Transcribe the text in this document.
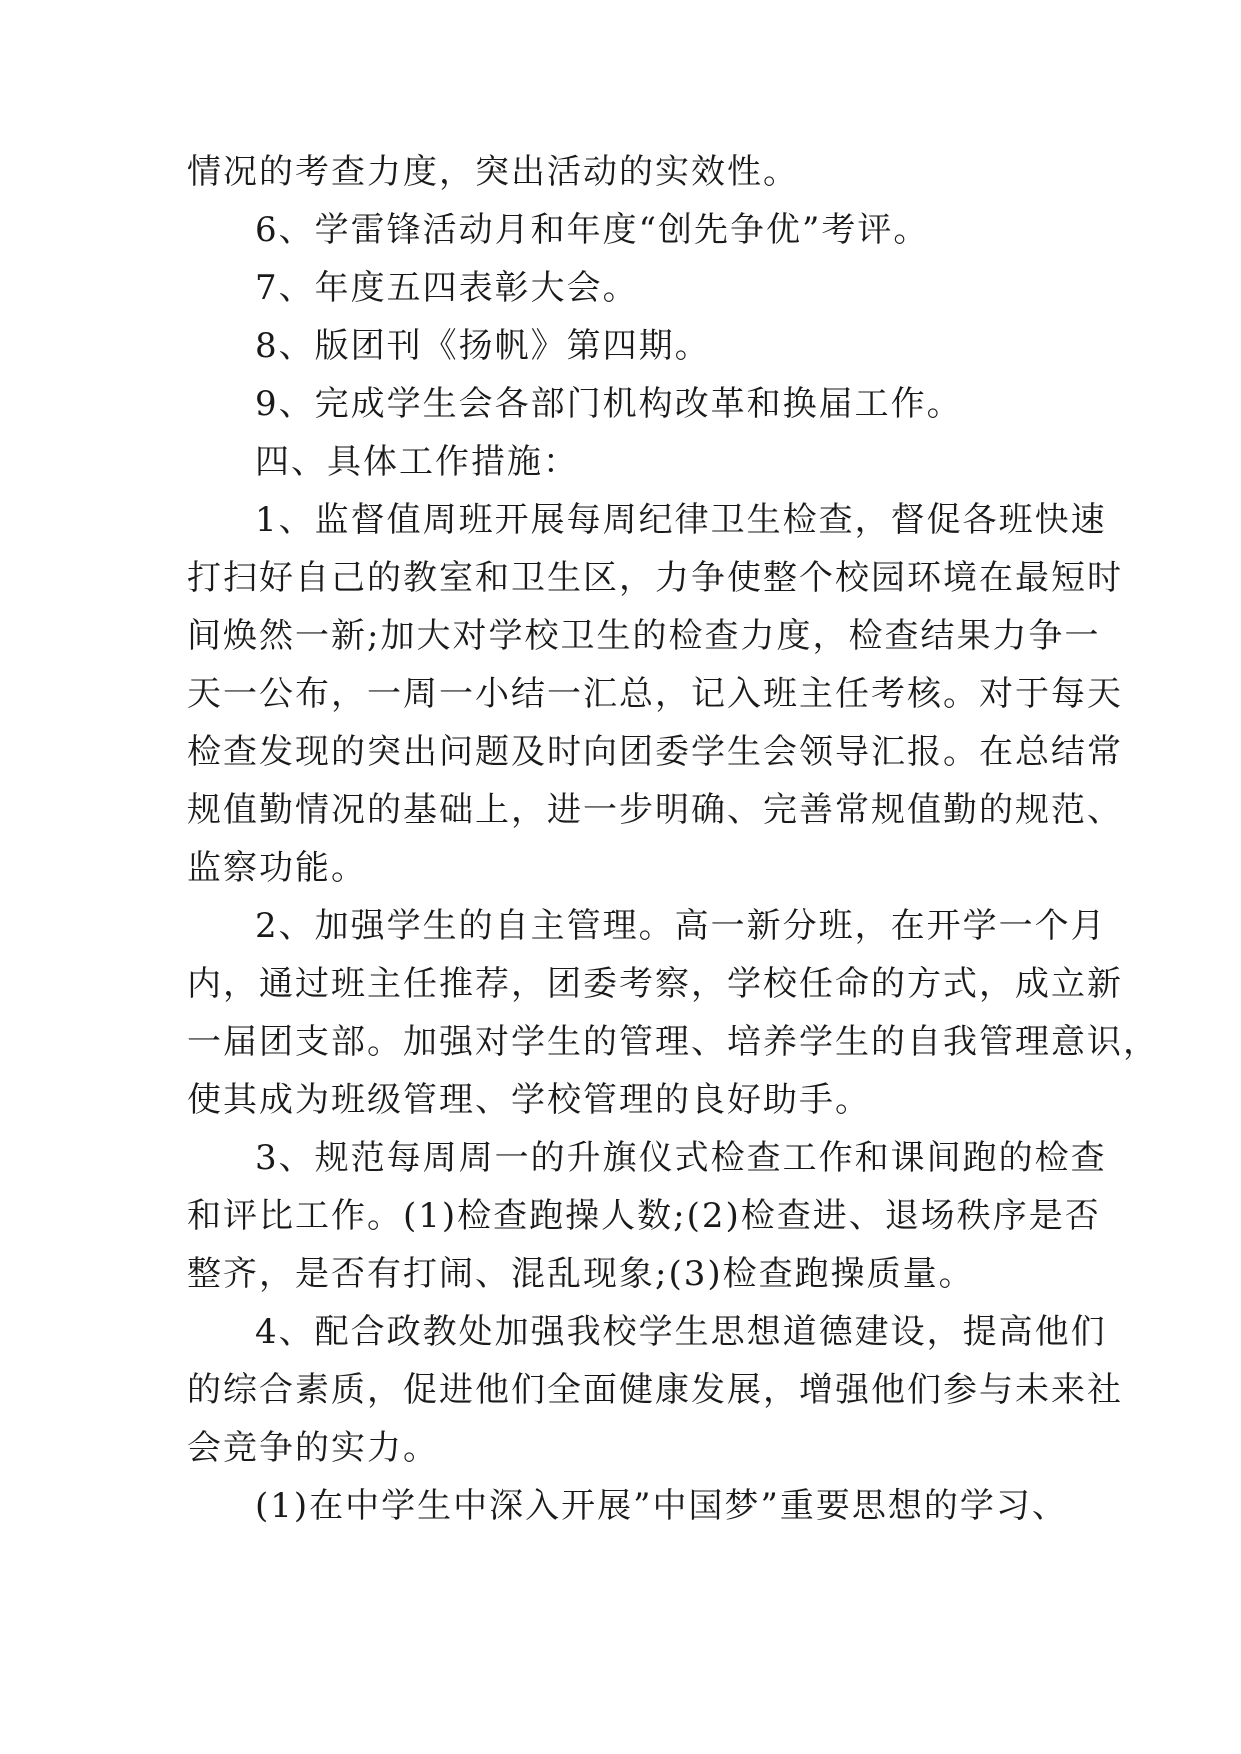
情况的考查力度，突出活动的实效性。
6、学雷锋活动月和年度“创先争优”考评。
7、年度五四表彰大会。
8、版团刊《扬帆》第四期。
9、完成学生会各部门机构改革和换届工作。
四、具体工作措施：
1、监督值周班开展每周纪律卫生检查，督促各班快速
打扫好自己的教室和卫生区，力争使整个校园环境在最短时
间焕然一新;加大对学校卫生的检查力度，检查结果力争一
天一公布，一周一小结一汇总，记入班主任考核。对于每天
检查发现的突出问题及时向团委学生会领导汇报。在总结常
规值勤情况的基础上，进一步明确、完善常规值勤的规范、
监察功能。
2、加强学生的自主管理。高一新分班，在开学一个月
内，通过班主任推荐，团委考察，学校任命的方式，成立新
一届团支部。加强对学生的管理、培养学生的自我管理意识，
使其成为班级管理、学校管理的良好助手。
3、规范每周周一的升旗仪式检查工作和课间跑的检查
和评比工作。(1)检查跑操人数;(2)检查进、退场秩序是否
整齐，是否有打闹、混乱现象;(3)检查跑操质量。
4、配合政教处加强我校学生思想道德建设，提高他们
的综合素质，促进他们全面健康发展，增强他们参与未来社
会竞争的实力。
(1)在中学生中深入开展”中国梦”重要思想的学习、
